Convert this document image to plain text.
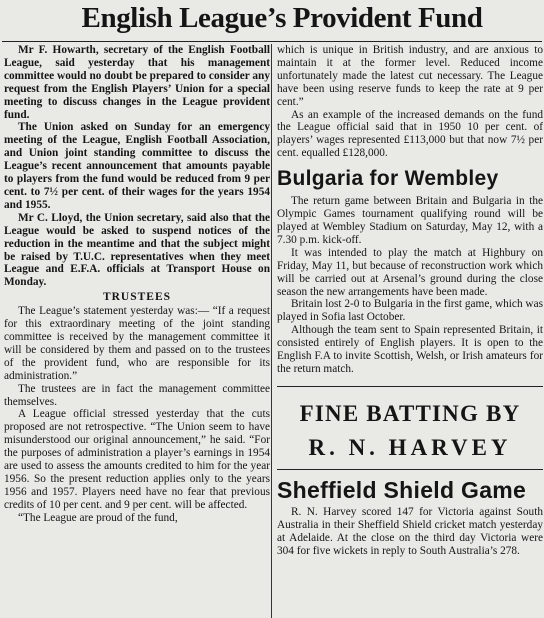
English League’s Provident Fund

Mr F. Howarth, secretary of the English Football League, said yesterday that his management committee would no doubt be prepared to consider any request from the English Players’ Union for a special meeting to discuss changes in the League provident fund.

The Union asked on Sunday for an emergency meeting of the League, English Football Association, and Union joint standing committee to discuss the League’s recent announcement that amounts payable to players from the fund would be reduced from 9 per cent. to 7½ per cent. of their wages for the years 1954 and 1955.

Mr C. Lloyd, the Union secretary, said also that the League would be asked to suspend notices of the reduction in the meantime and that the subject might be raised by T.U.C. representatives when they meet League and E.F.A. officials at Transport House on Monday.

TRUSTEES

The League’s statement yesterday was:— “If a request for this extraordinary meeting of the joint standing committee is received by the management committee it will be considered by them and passed on to the trustees of the provident fund, who are responsible for its administration.”

The trustees are in fact the management committee themselves.

A League official stressed yesterday that the cuts proposed are not retrospective. “The Union seem to have misunderstood our original announcement,” he said. “For the purposes of administration a player’s earnings in 1954 are used to assess the amounts credited to him for the year 1956. So the present reduction applies only to the years 1956 and 1957. Players need have no fear that previous credits of 10 per cent. and 9 per cent. will be affected.

“The League are proud of the fund,

which is unique in British industry, and are anxious to maintain it at the former level. Reduced income unfortunately made the latest cut necessary. The League have been using reserve funds to keep the rate at 9 per cent.”

As an example of the increased demands on the fund the League official said that in 1950 10 per cent. of players’ wages represented £113,000 but that now 7½ per cent. equalled £128,000.

Bulgaria for Wembley

The return game between Britain and Bulgaria in the Olympic Games tournament qualifying round will be played at Wembley Stadium on Saturday, May 12, with a 7.30 p.m. kick-off.

It was intended to play the match at Highbury on Friday, May 11, but because of reconstruction work which will be carried out at Arsenal’s ground during the close season the new arrangements have been made.

Britain lost 2-0 to Bulgaria in the first game, which was played in Sofia last October.

Although the team sent to Spain represented Britain, it consisted entirely of English players. It is open to the English F.A to invite Scottish, Welsh, or Irish amateurs for the return match.

FINE BATTING BY
R. N. HARVEY
Sheffield Shield Game

R. N. Harvey scored 147 for Victoria against South Australia in their Sheffield Shield cricket match yesterday at Adelaide. At the close on the third day Victoria were 304 for five wickets in reply to South Australia’s 278.
